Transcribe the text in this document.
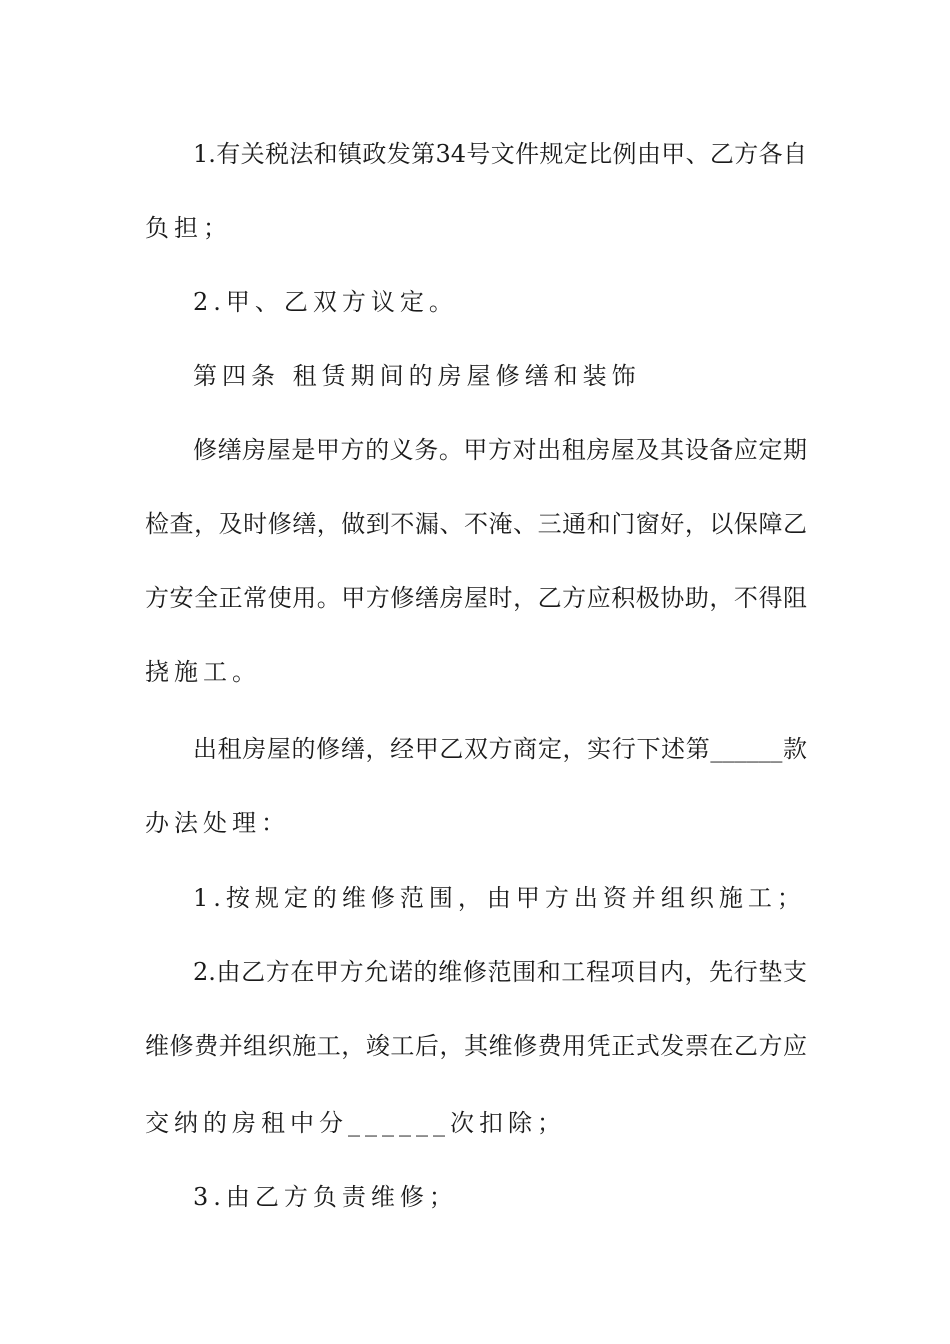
1.有关税法和镇政发第34号文件规定比例由甲、乙方各自
负担；
2.甲、乙双方议定。
第四条 租赁期间的房屋修缮和装饰
修缮房屋是甲方的义务。甲方对出租房屋及其设备应定期
检查，及时修缮，做到不漏、不淹、三通和门窗好，以保障乙
方安全正常使用。甲方修缮房屋时，乙方应积极协助，不得阻
挠施工。
出租房屋的修缮，经甲乙双方商定，实行下述第______款
办法处理：
1.按规定的维修范围，由甲方出资并组织施工；
2.由乙方在甲方允诺的维修范围和工程项目内，先行垫支
维修费并组织施工，竣工后，其维修费用凭正式发票在乙方应
交纳的房租中分______次扣除；
3.由乙方负责维修；
